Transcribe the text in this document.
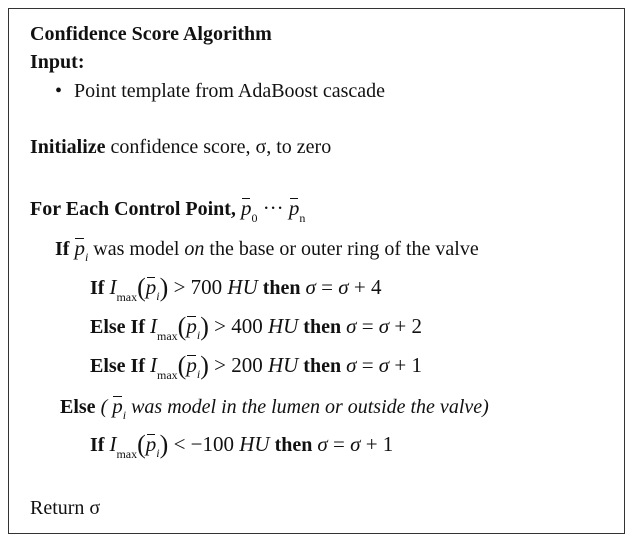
Confidence Score Algorithm
Input:
• Point template from AdaBoost cascade
Initialize confidence score, σ, to zero
For Each Control Point, $p_0$ ··· $p_n$
If $p_i$ was model on the base or outer ring of the valve
If $I_{max}(p_i) > 700$ HU then σ = σ + 4
Else If $I_{max}(p_i) > 400$ HU then σ = σ + 2
Else If $I_{max}(p_i) > 200$ HU then σ = σ + 1
Else ( $p_i$ was model in the lumen or outside the valve)
If $I_{max}(p_i) < -100$ HU then σ = σ + 1
Return σ
